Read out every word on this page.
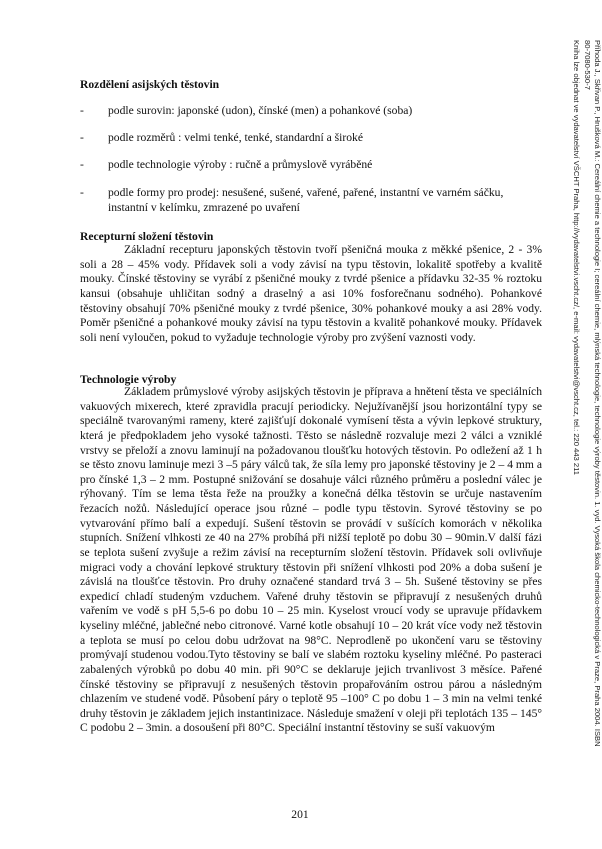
Rozdělení asijských těstovin
- podle surovin: japonské (udon), čínské (men) a pohankové (soba)
- podle rozměrů : velmi tenké, tenké, standardní a široké
- podle technologie výroby : ručně a průmyslově vyráběné
- podle formy pro prodej: nesušené, sušené, vařené, pařené, instantní ve varném sáčku, instantní v kelímku, zmrazené po uvaření
Recepturní složení těstovin
Základní recepturu japonských těstovin tvoří pšeničná mouka z měkké pšenice, 2 - 3% soli a 28 – 45% vody. Přídavek soli a vody závisí na typu těstovin, lokalitě spotřeby a kvalitě mouky. Čínské těstoviny se vyrábí z pšeničné mouky z tvrdé pšenice a přídavku 32-35 % roztoku kansui (obsahuje uhličitan sodný a draselný a asi 10% fosforečnanu sodného). Pohankové těstoviny obsahují 70% pšeničné mouky z tvrdé pšenice, 30% pohankové mouky a asi 28% vody. Poměr pšeničné a pohankové mouky závisí na typu těstovin a kvalitě pohankové mouky. Přídavek soli není vyloučen, pokud to vyžaduje technologie výroby pro zvýšení vaznosti vody.
Technologie výroby
Základem průmyslové výroby asijských těstovin je příprava a hnětení těsta ve speciálních vakuových mixerech, které zpravidla pracují periodicky. Nejužívanější jsou horizontální typy se speciálně tvarovanými rameny, které zajišťují dokonalé vymísení těsta a vývin lepkové struktury, která je předpokladem jeho vysoké tažnosti. Těsto se následně rozvaluje mezi 2 válci a vzniklé vrstvy se přeloží a znovu laminují na požadovanou tloušťku hotových těstovin. Po odležení až 1 h se těsto znovu laminuje mezi 3 –5 páry válců tak, že síla lemy pro japonské těstoviny je 2 – 4 mm a pro čínské 1,3 – 2 mm. Postupné snižování se dosahuje válci různého průměru a poslední válec je rýhovaný. Tím se lema těsta řeže na proužky a konečná délka těstovin se určuje nastavením řezacích nožů. Následující operace jsou různé – podle typu těstovin. Syrové těstoviny se po vytvarování přímo balí a expedují. Sušení těstovin se provádí v sušících komorách v několika stupních. Snížení vlhkosti ze 40 na 27% probíhá při nižší teplotě po dobu 30 – 90min.V další fázi se teplota sušení zvyšuje a režim závisí na recepturním složení těstovin. Přídavek soli ovlivňuje migraci vody a chování lepkové struktury těstovin při snížení vlhkosti pod 20% a doba sušení je závislá na tloušťce těstovin. Pro druhy označené standard trvá 3 – 5h. Sušené těstoviny se přes expedicí chladí studeným vzduchem. Vařené druhy těstovin se připravují z nesušených druhů vařením ve vodě s pH 5,5-6 po dobu 10 – 25 min. Kyselost vroucí vody se upravuje přídavkem kyseliny mléčné, jablečné nebo citronové. Varné kotle obsahují 10 – 20 krát více vody než těstovin a teplota se musí po celou dobu udržovat na 98°C. Neprodleně po ukončení varu se těstoviny promývají studenou vodou.Tyto těstoviny se balí ve slabém roztoku kyseliny mléčné. Po pasteraci zabalených výrobků po dobu 40 min. při 90°C se deklaruje jejich trvanlivost 3 měsíce. Pařené čínské těstoviny se připravují z nesušených těstovin propařováním ostrou párou a následným chlazením ve studené vodě. Působení páry o teplotě 95 –100° C po dobu 1 – 3 min na velmi tenké druhy těstovin je základem jejich instantinizace. Následuje smažení v oleji při teplotách 135 – 145° C podobu 2 – 3min. a dosoušení při 80°C. Speciální instantní těstoviny se suší vakuovým
201
Příhoda J., Skřivan P., Hrušková M.: Cereální chemie a technologie I; cereální chemie, mlýnská technologie, technologie výroby těstovin. 1. vyd. Vysoká škola chemicko-technologická v Praze, Praha 2004. ISBN
80-7080-530-7
Kniha lze objednat ve vydavatelství VŠCHT Praha, http://vydavatelstvi.vscht.cz/, e-mail: vydavatelstvi@vscht.cz, tel.: 220 443 211
